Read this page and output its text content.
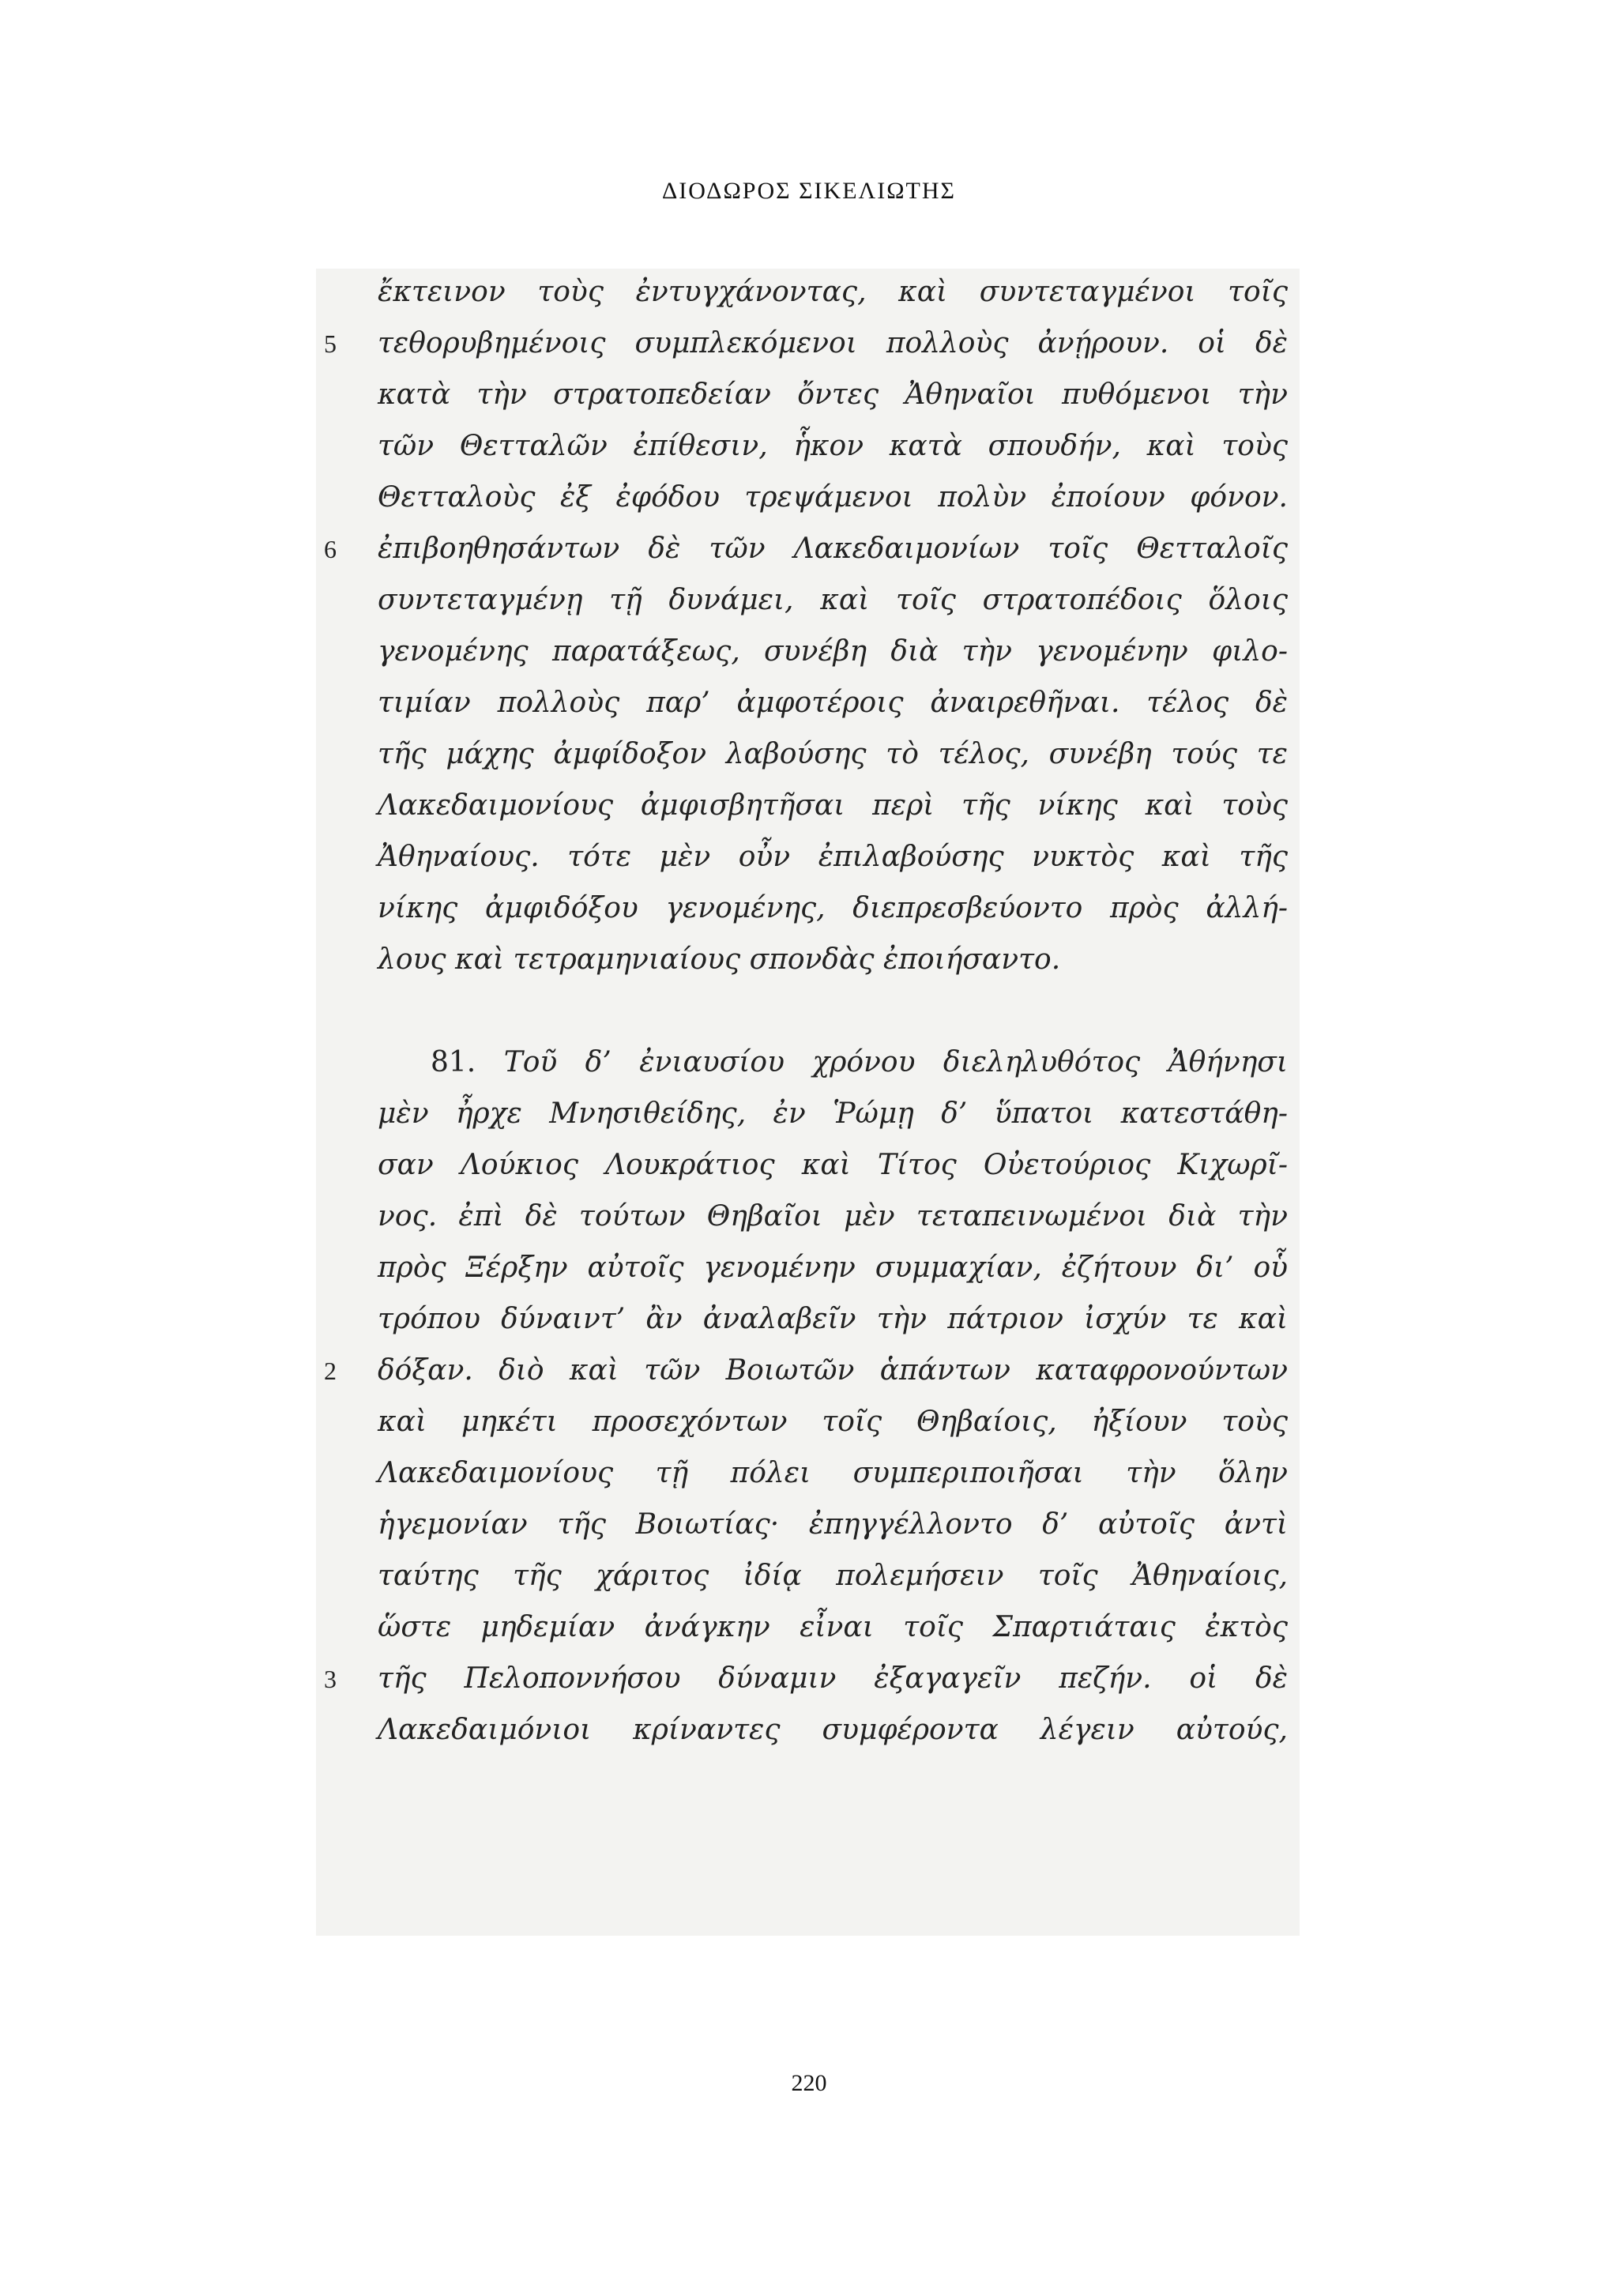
ΔΙΟΔΩΡΟΣ ΣΙΚΕΛΙΩΤΗΣ
ἔκτεινον τοὺς ἐντυγχάνοντας, καὶ συντεταγμένοι τοῖς
5	τεθορυβημένοις συμπλεκόμενοι πολλοὺς ἀνῄρουν. οἱ δὲ
κατὰ τὴν στρατοπεδείαν ὄντες Ἀθηναῖοι πυθόμενοι τὴν
τῶν Θετταλῶν ἐπίθεσιν, ἧκον κατὰ σπουδήν, καὶ τοὺς
Θετταλοὺς ἐξ ἐφόδου τρεψάμενοι πολὺν ἐποίουν φόνον.
6	ἐπιβοηθησάντων δὲ τῶν Λακεδαιμονίων τοῖς Θετταλοῖς
συντεταγμένῃ τῇ δυνάμει, καὶ τοῖς στρατοπέδοις ὅλοις
γενομένης παρατάξεως, συνέβη διὰ τὴν γενομένην φιλο-
τιμίαν πολλοὺς παρ’ ἀμφοτέροις ἀναιρεθῆναι. τέλος δὲ
τῆς μάχης ἀμφίδοξον λαβούσης τὸ τέλος, συνέβη τούς τε
Λακεδαιμονίους ἀμφισβητῆσαι περὶ τῆς νίκης καὶ τοὺς
Ἀθηναίους. τότε μὲν οὖν ἐπιλαβούσης νυκτὸς καὶ τῆς
νίκης ἀμφιδόξου γενομένης, διεπρεσβεύοντο πρὸς ἀλλή-
λους καὶ τετραμηνιαίους σπονδὰς ἐποιήσαντο.
81. Τοῦ δ’ ἐνιαυσίου χρόνου διεληλυθότος Ἀθήνησι
μὲν ἦρχε Μνησιθείδης, ἐν Ῥώμῃ δ’ ὕπατοι κατεστάθη-
σαν Λούκιος Λουκράτιος καὶ Τίτος Οὐετούριος Κιχωρῖ-
νος. ἐπὶ δὲ τούτων Θηβαῖοι μὲν τεταπεινωμένοι διὰ τὴν
πρὸς Ξέρξην αὐτοῖς γενομένην συμμαχίαν, ἐζήτουν δι’ οὗ
τρόπου δύναιντ’ ἂν ἀναλαβεῖν τὴν πάτριον ἰσχύν τε καὶ
2	δόξαν. διὸ καὶ τῶν Βοιωτῶν ἁπάντων καταφρονούντων
καὶ μηκέτι προσεχόντων τοῖς Θηβαίοις, ἠξίουν τοὺς
Λακεδαιμονίους τῇ πόλει συμπεριποιῆσαι τὴν ὅλην
ἡγεμονίαν τῆς Βοιωτίας· ἐπηγγέλλοντο δ’ αὐτοῖς ἀντὶ
ταύτης τῆς χάριτος ἰδίᾳ πολεμήσειν τοῖς Ἀθηναίοις,
ὥστε μηδεμίαν ἀνάγκην εἶναι τοῖς Σπαρτιάταις ἐκτὸς
3	τῆς Πελοποννήσου δύναμιν ἐξαγαγεῖν πεζήν. οἱ δὲ
Λακεδαιμόνιοι κρίναντες συμφέροντα λέγειν αὐτούς,
220
